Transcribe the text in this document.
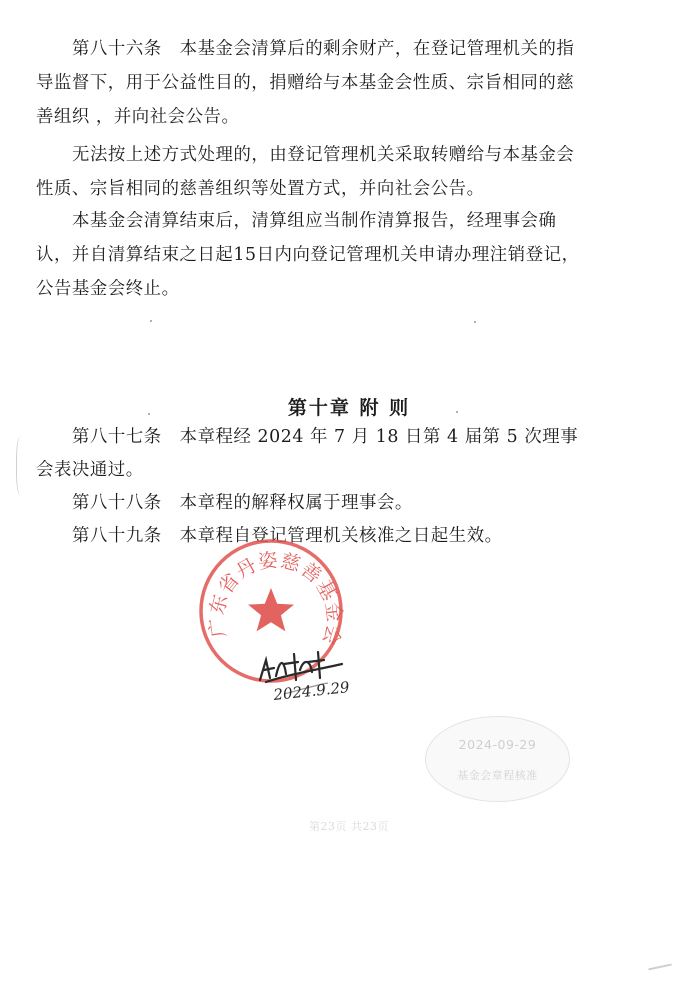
第八十六条　本基金会清算后的剩余财产，在登记管理机关的指
导监督下，用于公益性目的，捐赠给与本基金会性质、宗旨相同的慈
善组织 ，并向社会公告。
无法按上述方式处理的，由登记管理机关采取转赠给与本基金会
性质、宗旨相同的慈善组织等处置方式，并向社会公告。
本基金会清算结束后，清算组应当制作清算报告，经理事会确
认，并自清算结束之日起15日内向登记管理机关申请办理注销登记，
公告基金会终止。
第十章 附 则
第八十七条　本章程经 2024 年 7 月 18 日第 4 届第 5 次理事
会表决通过。
第八十八条　本章程的解释权属于理事会。
第八十九条　本章程自登记管理机关核准之日起生效。
广东省丹姿慈善基金会
2024.9.29
2024-09-29
基金会章程核准
第23页 共23页
